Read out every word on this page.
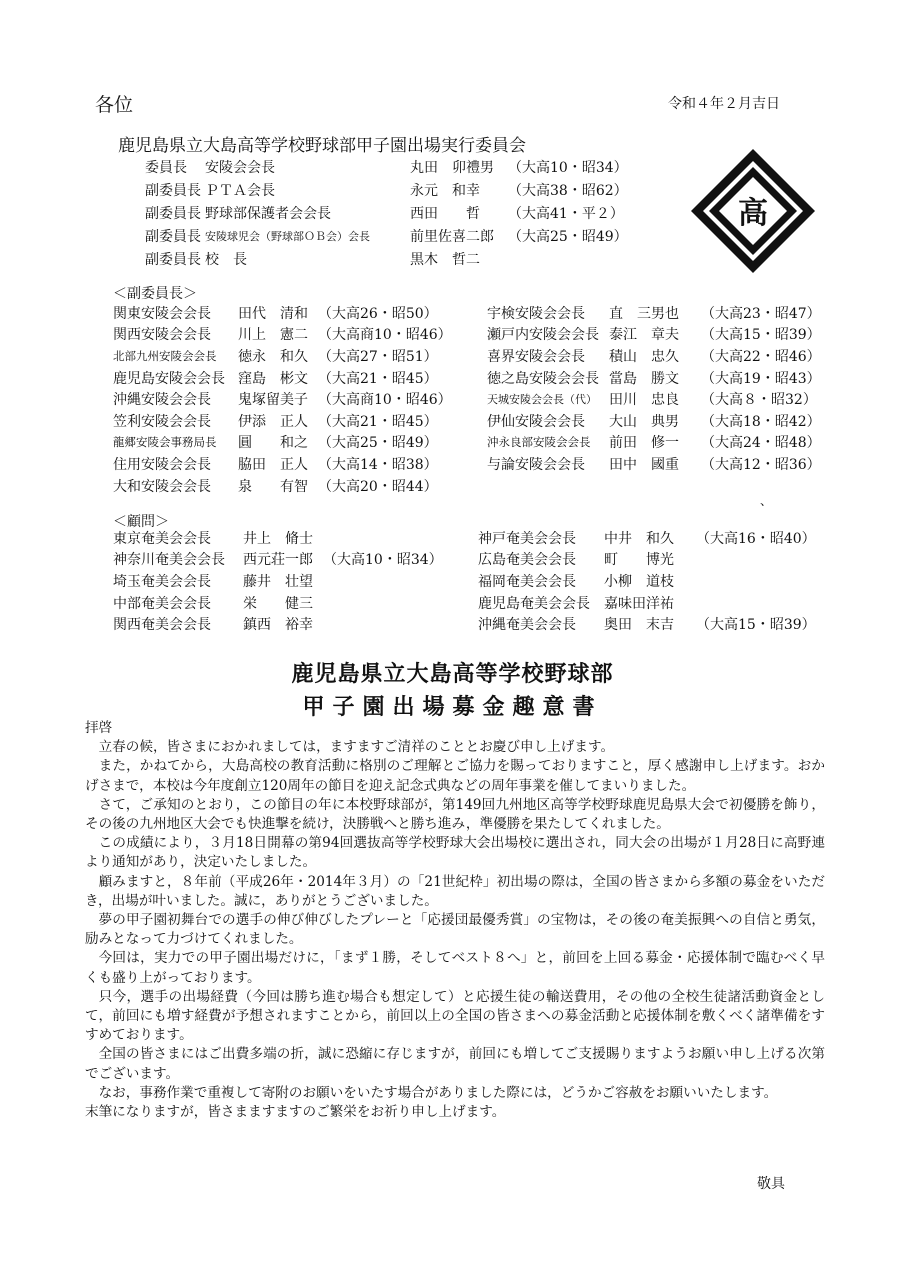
各位	令和４年２月吉日
鹿児島県立大島高等学校野球部甲子園出場実行委員会
委員長	安陵会会長	丸田　卯禮男	（大高10・昭34）
副委員長 ＰＴＡ会長	永元　和幸	（大高38・昭62）
副委員長 野球部保護者会会長	西田　　哲	（大高41・平２）
副委員長 安陵球児会（野球部ＯＢ会）会長	前里佐喜二郎	（大高25・昭49）
副委員長 校　長	黒木　哲二
高
＜副委員長＞
関東安陵会会長	田代　清和 （大高26・昭50）
関西安陵会会長	川上　憲二 （大高商10・昭46）
北部九州安陵会会長	徳永　和久 （大高27・昭51）
鹿児島安陵会会長 窪島　彬文 （大高21・昭45）
沖縄安陵会会長	鬼塚留美子 （大高商10・昭46）
笠利安陵会会長	伊添　正人 （大高21・昭45）
龍郷安陵会事務局長	圓　　和之 （大高25・昭49）
住用安陵会会長	脇田　正人 （大高14・昭38）
大和安陵会会長	泉　　有智 （大高20・昭44）
宇検安陵会会長	直　三男也	（大高23・昭47）
瀬戸内安陵会会長 泰江　章夫	（大高15・昭39）
喜界安陵会会長	積山　忠久	（大高22・昭46）
徳之島安陵会会長 當島　勝文	（大高19・昭43）
天城安陵会会長（代） 田川　忠良	（大高８・昭32）
伊仙安陵会会長	大山　典男	（大高18・昭42）
沖永良部安陵会会長	前田　修一	（大高24・昭48）
与論安陵会会長	田中　國重	（大高12・昭36）
、
＜顧問＞
東京奄美会会長	井上　脩士
神奈川奄美会会長	西元荘一郎 （大高10・昭34）
埼玉奄美会会長	藤井　壮望
中部奄美会会長	栄　　健三
関西奄美会会長	鎮西　裕幸
神戸奄美会会長	中井　和久	（大高16・昭40）
広島奄美会会長	町　　博光
福岡奄美会会長	小柳　道枝
鹿児島奄美会会長	嘉味田洋祐
沖縄奄美会会長	奥田　末吉	（大高15・昭39）
鹿児島県立大島高等学校野球部
甲子園出場募金趣意書

拝啓

立春の候，皆さまにおかれましては，ますますご清祥のこととお慶び申し上げます。

また，かねてから，大島高校の教育活動に格別のご理解とご協力を賜っておりますこと，厚く感謝申し上げます。おかげさまで，本校は今年度創立120周年の節目を迎え記念式典などの周年事業を催してまいりました。

さて，ご承知のとおり，この節目の年に本校野球部が，第149回九州地区高等学校野球鹿児島県大会で初優勝を飾り，その後の九州地区大会でも快進撃を続け，決勝戦へと勝ち進み，準優勝を果たしてくれました。

この成績により，３月18日開幕の第94回選抜高等学校野球大会出場校に選出され，同大会の出場が１月28日に高野連より通知があり，決定いたしました。

顧みますと，８年前（平成26年・2014年３月）の「21世紀枠」初出場の際は，全国の皆さまから多額の募金をいただき，出場が叶いました。誠に，ありがとうございました。

夢の甲子園初舞台での選手の伸び伸びしたプレーと「応援団最優秀賞」の宝物は，その後の奄美振興への自信と勇気，励みとなって力づけてくれました。

今回は，実力での甲子園出場だけに，「まず１勝，そしてベスト８へ」と，前回を上回る募金・応援体制で臨むべく早くも盛り上がっております。

只今，選手の出場経費（今回は勝ち進む場合も想定して）と応援生徒の輸送費用，その他の全校生徒諸活動資金として，前回にも増す経費が予想されますことから，前回以上の全国の皆さまへの募金活動と応援体制を敷くべく諸準備をすすめております。

全国の皆さまにはご出費多端の折，誠に恐縮に存じますが，前回にも増してご支援賜りますようお願い申し上げる次第でございます。

なお，事務作業で重複して寄附のお願いをいたす場合がありました際には，どうかご容赦をお願いいたします。

末筆になりますが，皆さまますますのご繁栄をお祈り申し上げます。

敬具
